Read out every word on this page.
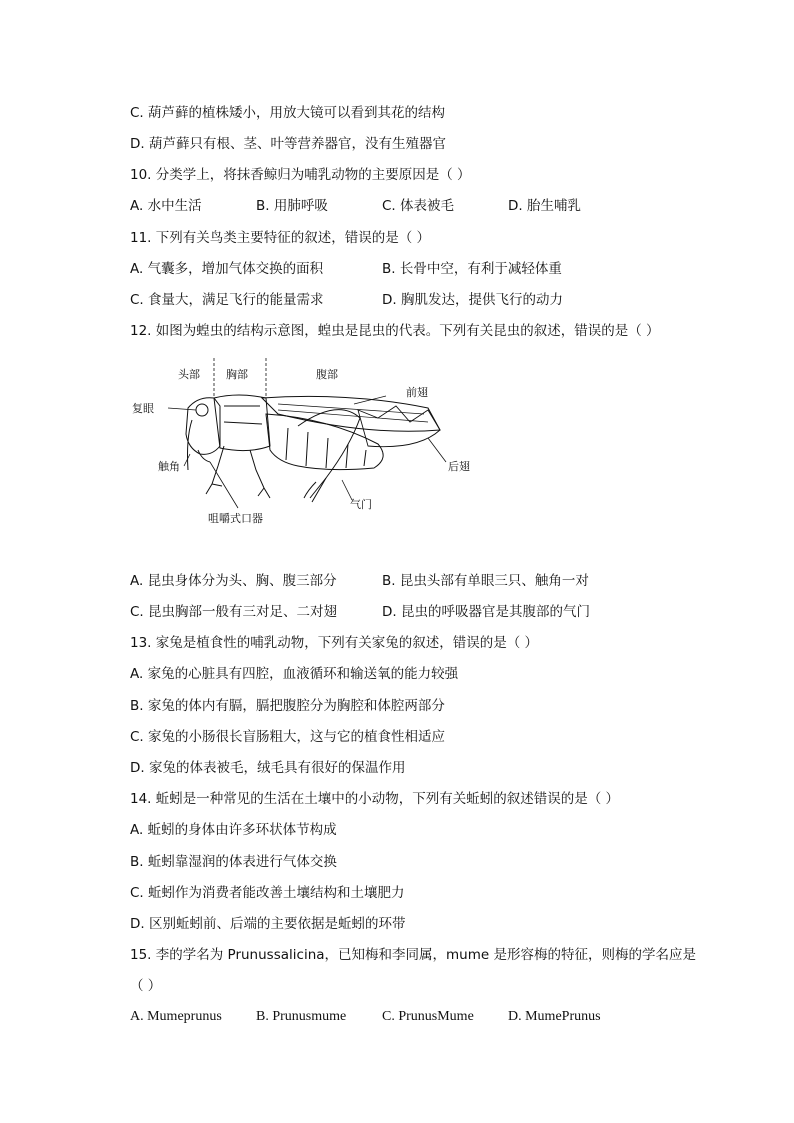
C. 葫芦藓的植株矮小，用放大镜可以看到其花的结构
D. 葫芦藓只有根、茎、叶等营养器官，没有生殖器官
10. 分类学上，将抹香鲸归为哺乳动物的主要原因是（ ）
A. 水中生活	B. 用肺呼吸	C. 体表被毛	D. 胎生哺乳
11. 下列有关鸟类主要特征的叙述，错误的是（ ）
A. 气囊多，增加气体交换的面积	B. 长骨中空，有利于减轻体重
C. 食量大，满足飞行的能量需求	D. 胸肌发达，提供飞行的动力
12. 如图为蝗虫的结构示意图，蝗虫是昆虫的代表。下列有关昆虫的叙述，错误的是（ ）
头部 胸部	腹部
复眼
前翅
触角	后翅
气门
咀嚼式口器
A. 昆虫身体分为头、胸、腹三部分	B. 昆虫头部有单眼三只、触角一对
C. 昆虫胸部一般有三对足、二对翅	D. 昆虫的呼吸器官是其腹部的气门
13. 家兔是植食性的哺乳动物，下列有关家兔的叙述，错误的是（ ）
A. 家兔的心脏具有四腔，血液循环和输送氧的能力较强
B. 家兔的体内有膈，膈把腹腔分为胸腔和体腔两部分
C. 家兔的小肠很长盲肠粗大，这与它的植食性相适应
D. 家兔的体表被毛，绒毛具有很好的保温作用
14. 蚯蚓是一种常见的生活在土壤中的小动物，下列有关蚯蚓的叙述错误的是（ ）
A. 蚯蚓的身体由许多环状体节构成
B. 蚯蚓靠湿润的体表进行气体交换
C. 蚯蚓作为消费者能改善土壤结构和土壤肥力
D. 区别蚯蚓前、后端的主要依据是蚯蚓的环带
15. 李的学名为 Prunussalicina，已知梅和李同属，mume 是形容梅的特征，则梅的学名应是
（ ）
A. Mumeprunus B. Prunusmume	C. PrunusMume D. MumePrunus
